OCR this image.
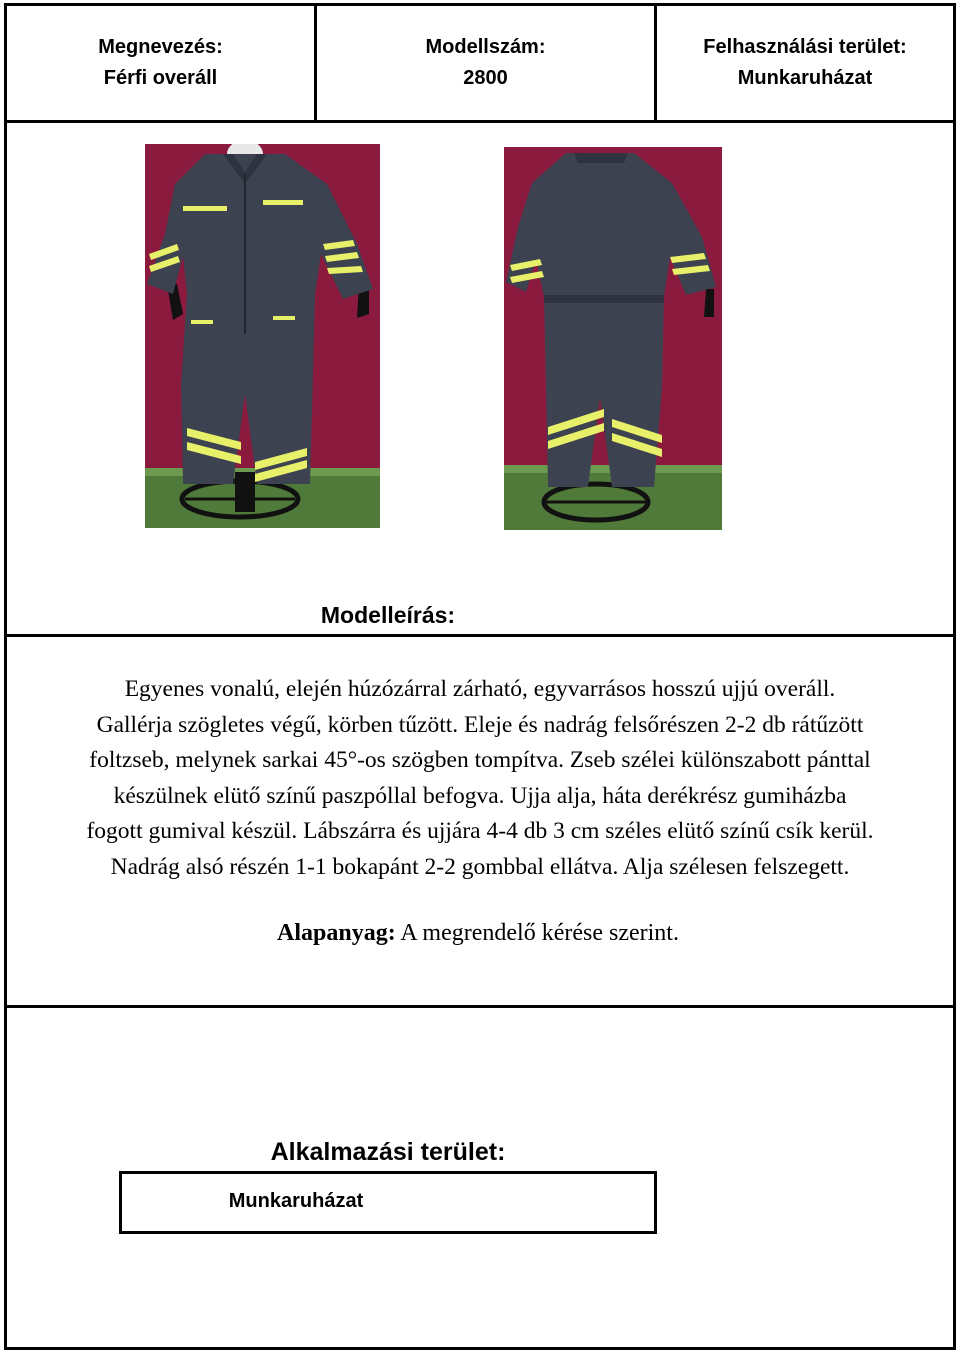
Megnevezés:
Férfi overáll
Modellszám:
2800
Felhasználási terület:
Munkaruházat
Modelleírás:
Egyenes vonalú, elején húzózárral zárható, egyvarrásos hosszú ujjú overáll.
Gallérja szögletes végű, körben tűzött. Eleje és nadrág felsőrészen 2-2 db rátűzött
foltzseb, melynek sarkai 45°-os szögben tompítva. Zseb szélei különszabott pánttal
készülnek elütő színű paszpóllal befogva. Ujja alja, háta derékrész gumiházba
fogott gumival készül. Lábszárra és ujjára 4-4 db 3 cm széles elütő színű csík kerül.
Nadrág alsó részén 1-1 bokapánt 2-2 gombbal ellátva. Alja szélesen felszegett.
Alapanyag: A megrendelő kérése szerint.
Alkalmazási terület:
Munkaruházat
